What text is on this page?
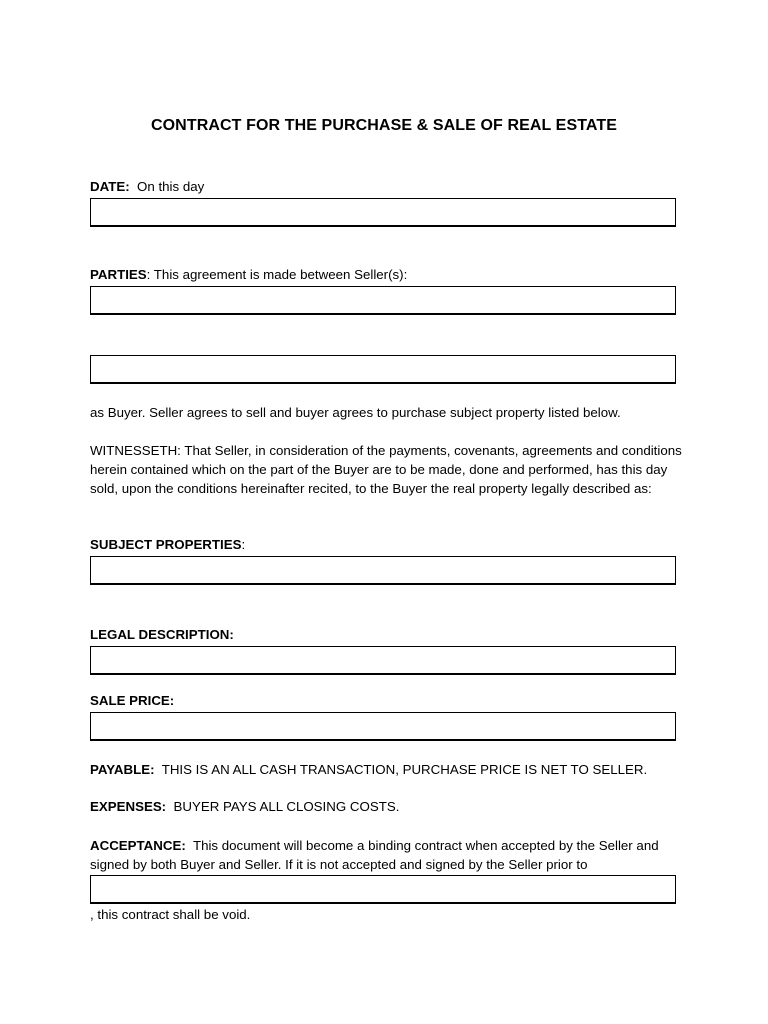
CONTRACT FOR THE PURCHASE & SALE OF REAL ESTATE
DATE: On this day
PARTIES: This agreement is made between Seller(s):
as Buyer. Seller agrees to sell and buyer agrees to purchase subject property listed below.
WITNESSETH: That Seller, in consideration of the payments, covenants, agreements and conditions herein contained which on the part of the Buyer are to be made, done and performed, has this day sold, upon the conditions hereinafter recited, to the Buyer the real property legally described as:
SUBJECT PROPERTIES:
LEGAL DESCRIPTION:
SALE PRICE:
PAYABLE: THIS IS AN ALL CASH TRANSACTION, PURCHASE PRICE IS NET TO SELLER.
EXPENSES: BUYER PAYS ALL CLOSING COSTS.
ACCEPTANCE: This document will become a binding contract when accepted by the Seller and signed by both Buyer and Seller. If it is not accepted and signed by the Seller prior to
, this contract shall be void.
